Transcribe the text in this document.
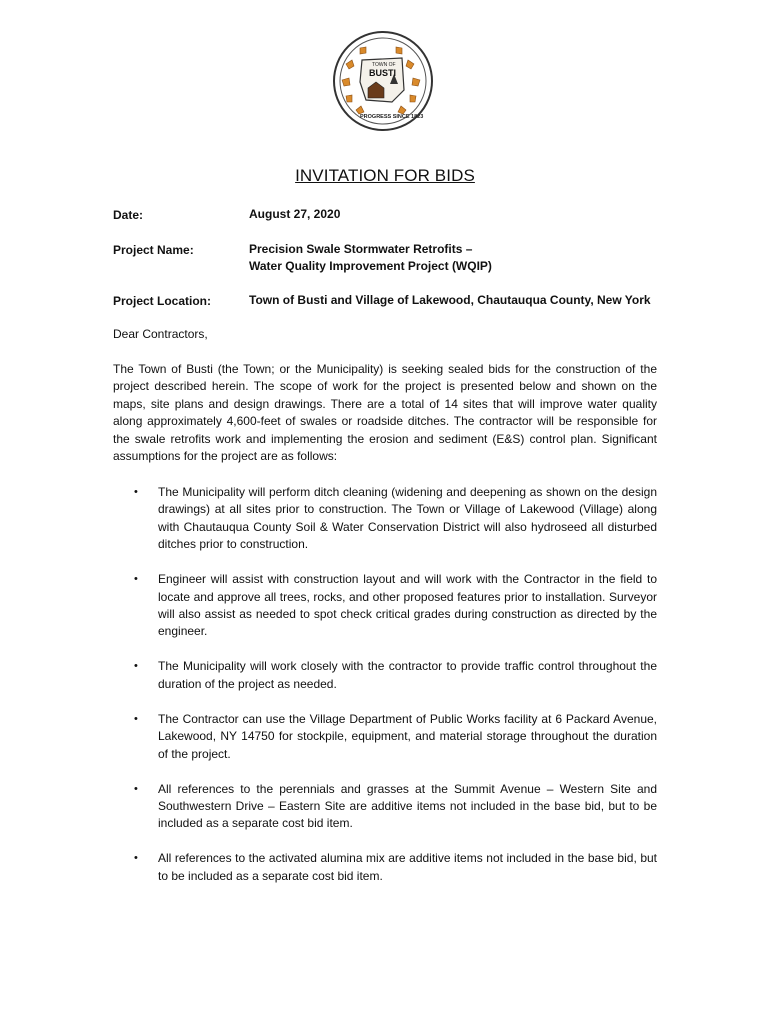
TOWN OF
BUSTI
PROGRESS SINCE 1823
INVITATION FOR BIDS
Date:	August 27, 2020
Project Name:	Precision Swale Stormwater Retrofits –
Water Quality Improvement Project (WQIP)
Project Location:	Town of Busti and Village of Lakewood, Chautauqua County, New York
Dear Contractors,
The Town of Busti (the Town; or the Municipality) is seeking sealed bids for the construction of the project described herein. The scope of work for the project is presented below and shown on the maps, site plans and design drawings. There are a total of 14 sites that will improve water quality along approximately 4,600-feet of swales or roadside ditches. The contractor will be responsible for the swale retrofits work and implementing the erosion and sediment (E&S) control plan. Significant assumptions for the project are as follows:
• The Municipality will perform ditch cleaning (widening and deepening as shown on the design drawings) at all sites prior to construction. The Town or Village of Lakewood (Village) along with Chautauqua County Soil & Water Conservation District will also hydroseed all disturbed ditches prior to construction.
• Engineer will assist with construction layout and will work with the Contractor in the field to locate and approve all trees, rocks, and other proposed features prior to installation. Surveyor will also assist as needed to spot check critical grades during construction as directed by the engineer.
• The Municipality will work closely with the contractor to provide traffic control throughout the duration of the project as needed.
• The Contractor can use the Village Department of Public Works facility at 6 Packard Avenue, Lakewood, NY 14750 for stockpile, equipment, and material storage throughout the duration of the project.
• All references to the perennials and grasses at the Summit Avenue – Western Site and Southwestern Drive – Eastern Site are additive items not included in the base bid, but to be included as a separate cost bid item.
• All references to the activated alumina mix are additive items not included in the base bid, but to be included as a separate cost bid item.
